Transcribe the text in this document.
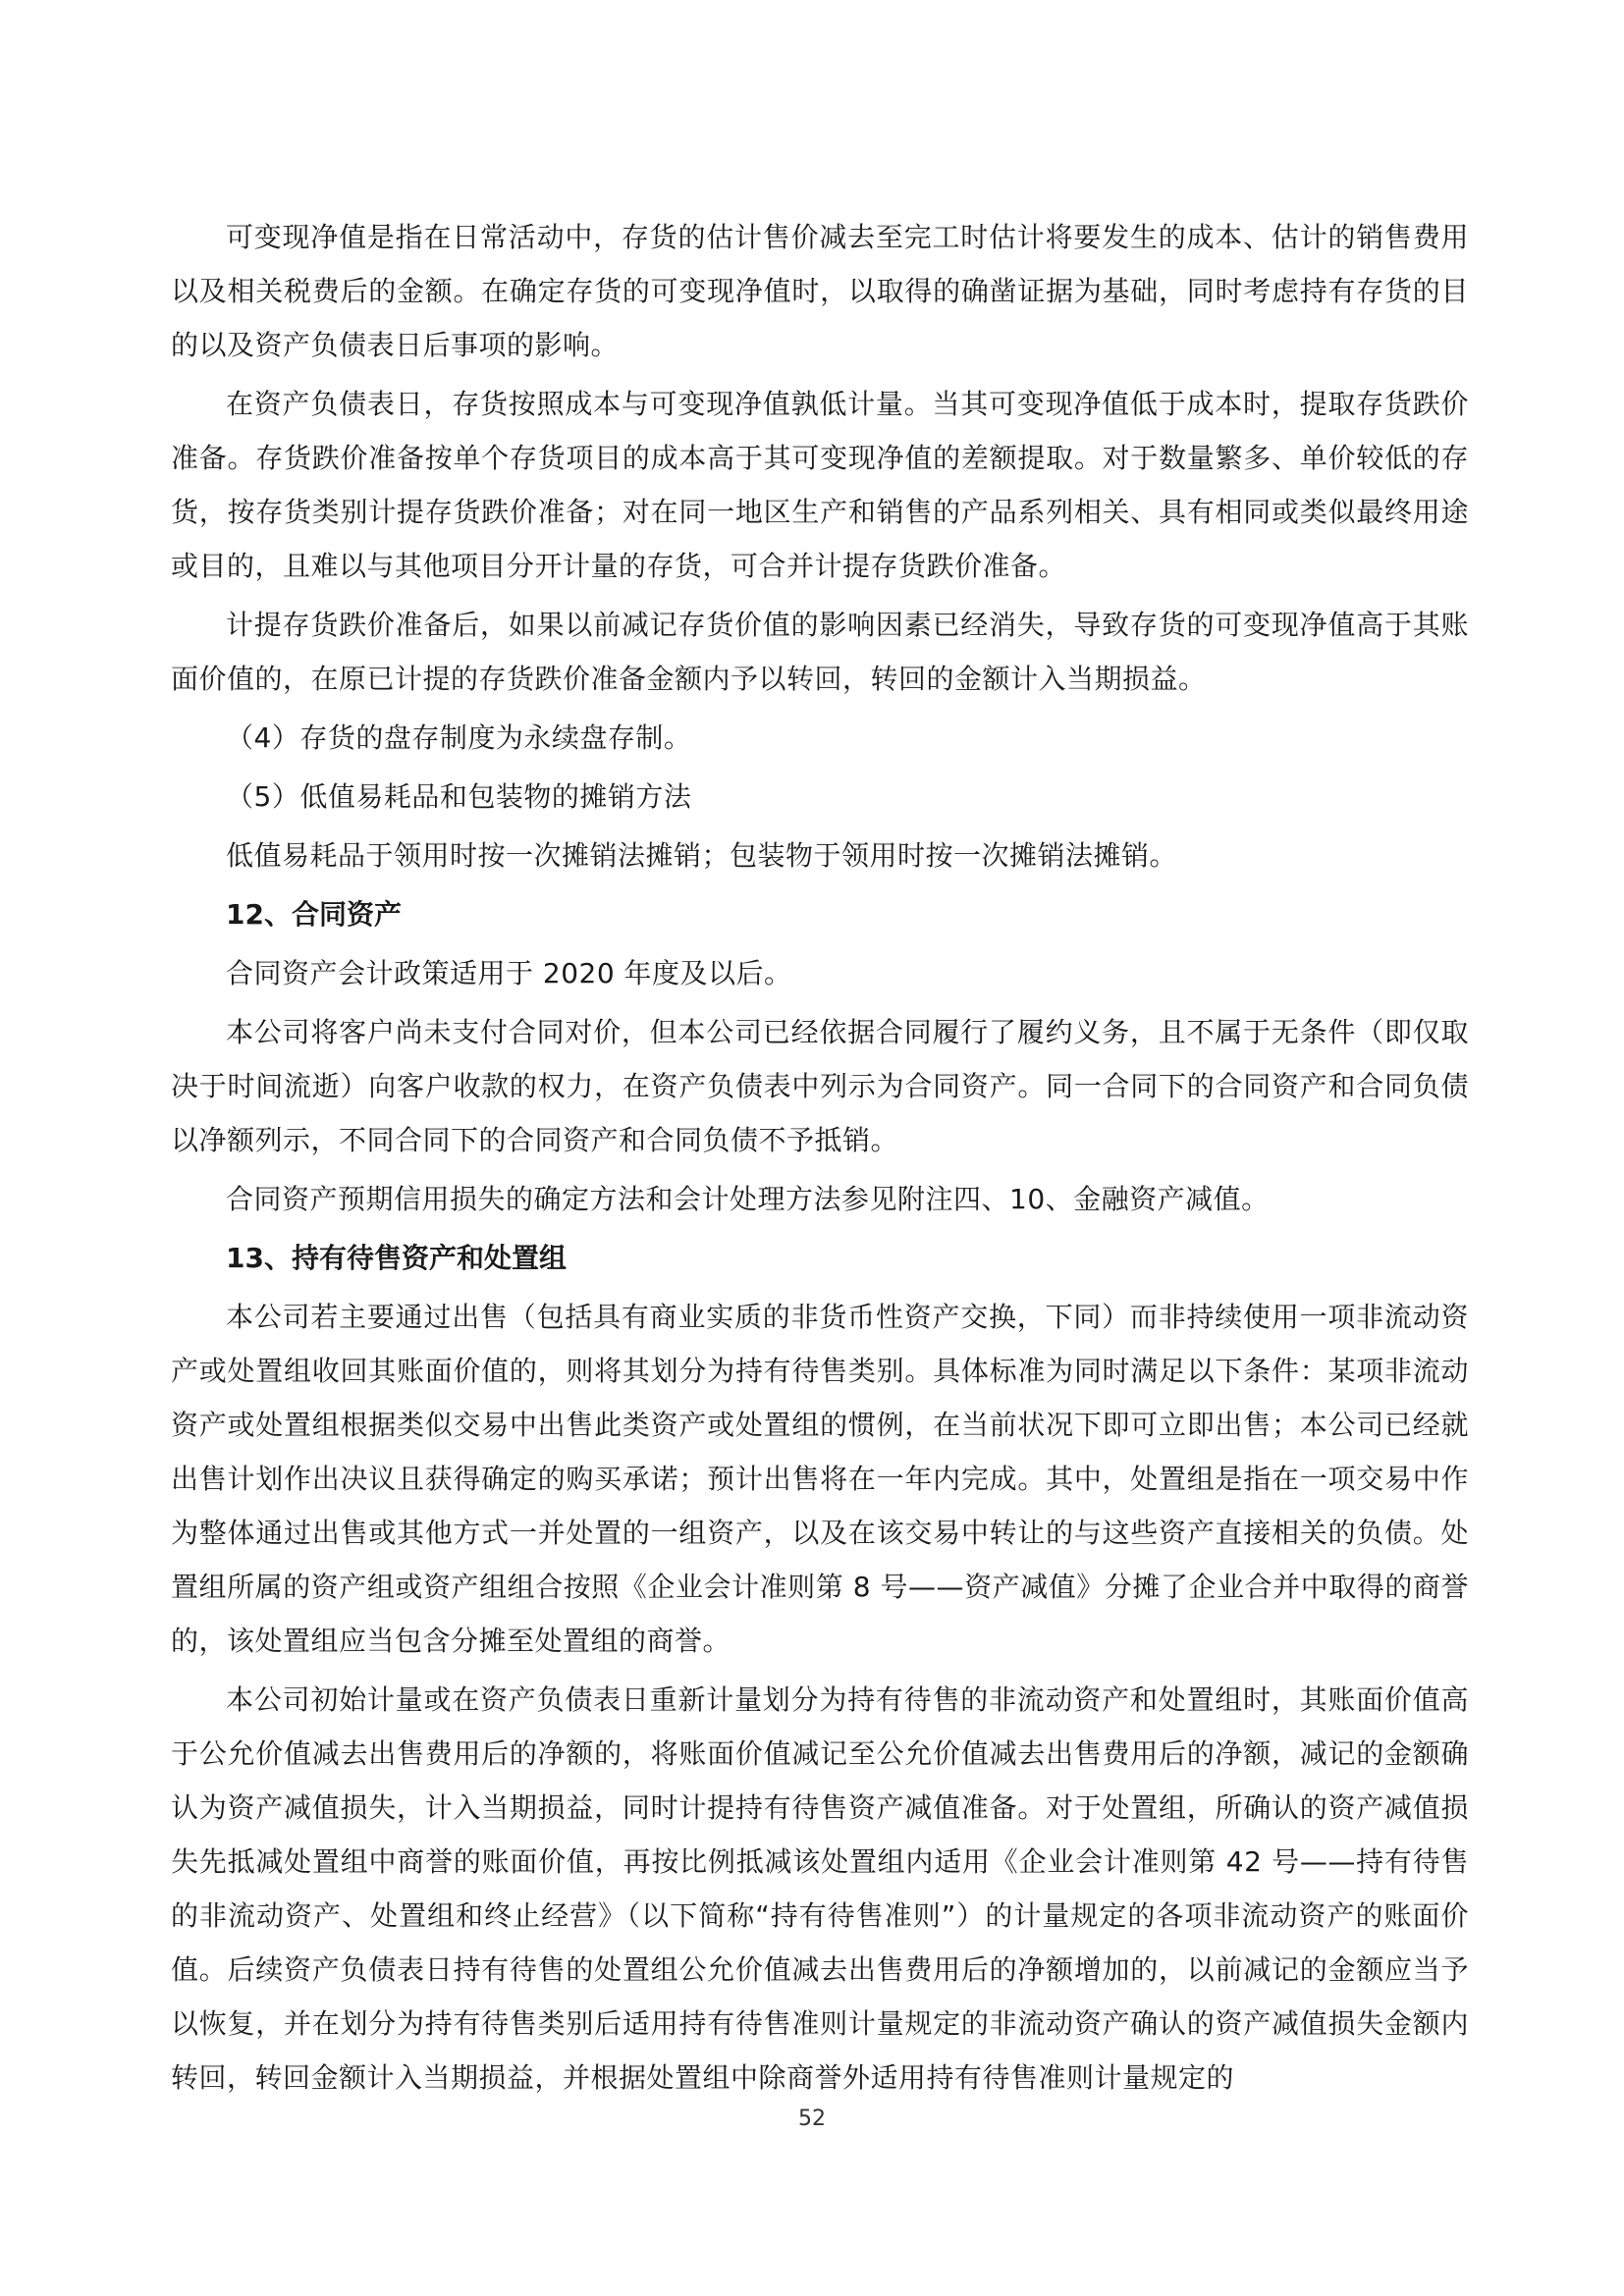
可变现净值是指在日常活动中，存货的估计售价减去至完工时估计将要发生的成本、估计的销售费用以及相关税费后的金额。在确定存货的可变现净值时，以取得的确凿证据为基础，同时考虑持有存货的目的以及资产负债表日后事项的影响。

在资产负债表日，存货按照成本与可变现净值孰低计量。当其可变现净值低于成本时，提取存货跌价准备。存货跌价准备按单个存货项目的成本高于其可变现净值的差额提取。对于数量繁多、单价较低的存货，按存货类别计提存货跌价准备；对在同一地区生产和销售的产品系列相关、具有相同或类似最终用途或目的，且难以与其他项目分开计量的存货，可合并计提存货跌价准备。

计提存货跌价准备后，如果以前减记存货价值的影响因素已经消失，导致存货的可变现净值高于其账面价值的，在原已计提的存货跌价准备金额内予以转回，转回的金额计入当期损益。

（4）存货的盘存制度为永续盘存制。

（5）低值易耗品和包装物的摊销方法

低值易耗品于领用时按一次摊销法摊销；包装物于领用时按一次摊销法摊销。

12、合同资产

合同资产会计政策适用于 2020 年度及以后。

本公司将客户尚未支付合同对价，但本公司已经依据合同履行了履约义务，且不属于无条件（即仅取决于时间流逝）向客户收款的权力，在资产负债表中列示为合同资产。同一合同下的合同资产和合同负债以净额列示，不同合同下的合同资产和合同负债不予抵销。

合同资产预期信用损失的确定方法和会计处理方法参见附注四、10、金融资产减值。

13、持有待售资产和处置组

本公司若主要通过出售（包括具有商业实质的非货币性资产交换，下同）而非持续使用一项非流动资产或处置组收回其账面价值的，则将其划分为持有待售类别。具体标准为同时满足以下条件：某项非流动资产或处置组根据类似交易中出售此类资产或处置组的惯例，在当前状况下即可立即出售；本公司已经就出售计划作出决议且获得确定的购买承诺；预计出售将在一年内完成。其中，处置组是指在一项交易中作为整体通过出售或其他方式一并处置的一组资产，以及在该交易中转让的与这些资产直接相关的负债。处置组所属的资产组或资产组组合按照《企业会计准则第 8 号——资产减值》分摊了企业合并中取得的商誉的，该处置组应当包含分摊至处置组的商誉。

本公司初始计量或在资产负债表日重新计量划分为持有待售的非流动资产和处置组时，其账面价值高于公允价值减去出售费用后的净额的，将账面价值减记至公允价值减去出售费用后的净额，减记的金额确认为资产减值损失，计入当期损益，同时计提持有待售资产减值准备。对于处置组，所确认的资产减值损失先抵减处置组中商誉的账面价值，再按比例抵减该处置组内适用《企业会计准则第 42 号——持有待售的非流动资产、处置组和终止经营》（以下简称“持有待售准则”）的计量规定的各项非流动资产的账面价值。后续资产负债表日持有待售的处置组公允价值减去出售费用后的净额增加的，以前减记的金额应当予以恢复，并在划分为持有待售类别后适用持有待售准则计量规定的非流动资产确认的资产减值损失金额内转回，转回金额计入当期损益，并根据处置组中除商誉外适用持有待售准则计量规定的

52
